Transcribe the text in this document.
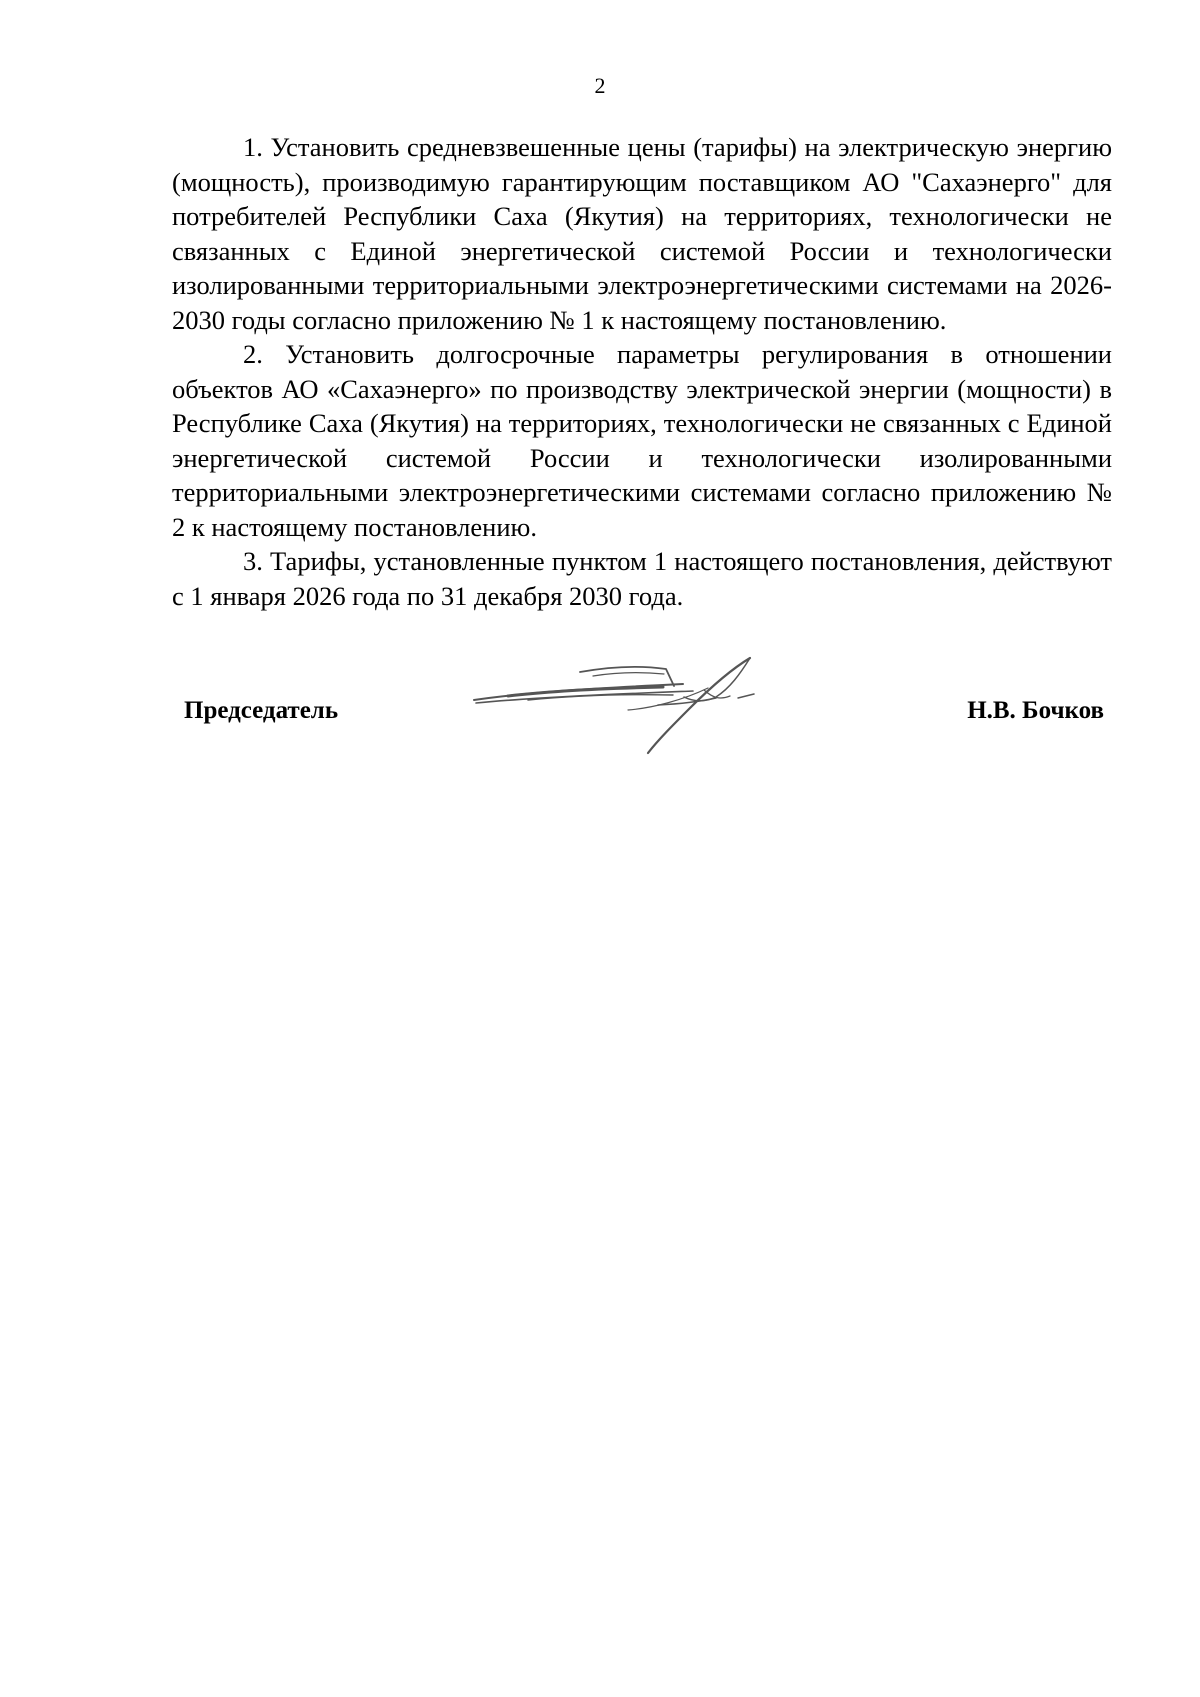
2

1. Установить средневзвешенные цены (тарифы) на электрическую энергию (мощность), производимую гарантирующим поставщиком АО "Сахаэнерго" для потребителей Республики Саха (Якутия) на территориях, технологически не связанных с Единой энергетической системой России и технологически изолированными территориальными электроэнергетическими системами на 2026-2030 годы согласно приложению № 1 к настоящему постановлению.

2. Установить долгосрочные параметры регулирования в отношении объектов АО «Сахаэнерго» по производству электрической энергии (мощности) в Республике Саха (Якутия) на территориях, технологически не связанных с Единой энергетической системой России и технологически изолированными территориальными электроэнергетическими системами согласно приложению № 2 к настоящему постановлению.

3. Тарифы, установленные пунктом 1 настоящего постановления, действуют с 1 января 2026 года по 31 декабря 2030 года.

Председатель	Н.В. Бочков
